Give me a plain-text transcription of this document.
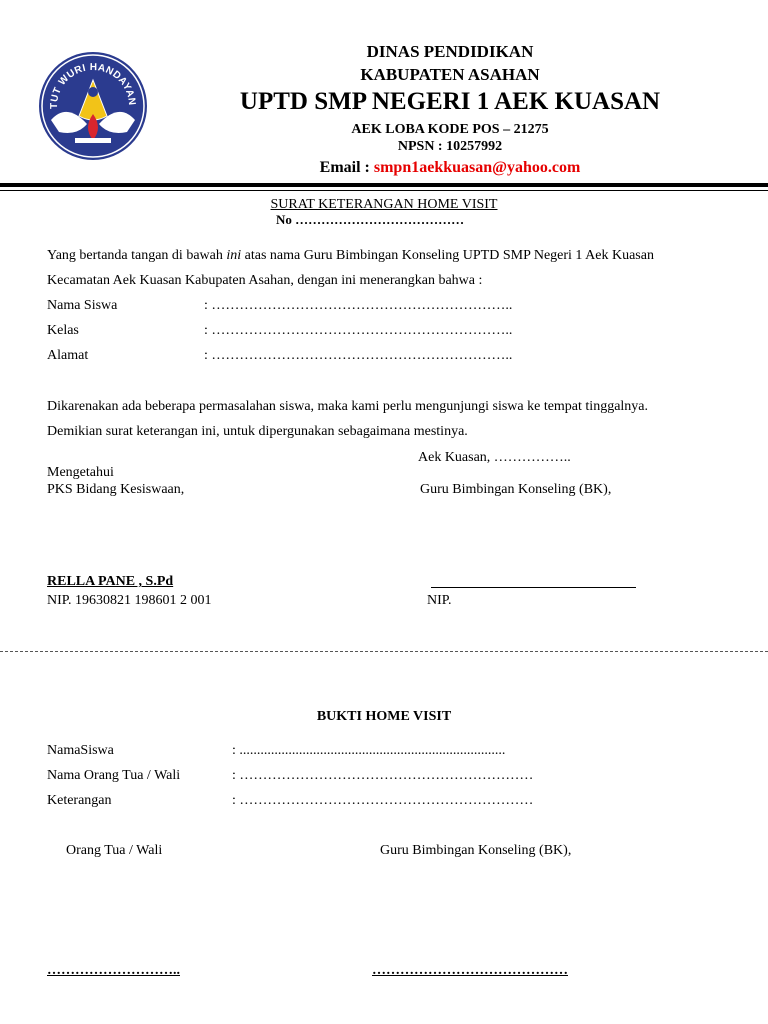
TUT WURI HANDAYAN
DINAS PENDIDIKAN
KABUPATEN ASAHAN
UPTD SMP NEGERI 1 AEK KUASAN
AEK LOBA KODE POS – 21275
NPSN : 10257992
Email : smpn1aekkuasan@yahoo.com
SURAT KETERANGAN HOME VISIT
No …………………………………
Yang bertanda tangan di bawah ini atas nama Guru Bimbingan Konseling UPTD SMP Negeri 1 Aek Kuasan
Kecamatan Aek Kuasan Kabupaten Asahan, dengan ini menerangkan bahwa :
Nama Siswa	: ………………………………………………………..
Kelas	: ………………………………………………………..
Alamat	: ………………………………………………………..
Dikarenakan ada beberapa permasalahan siswa, maka kami perlu mengunjungi siswa ke tempat tinggalnya.
Demikian surat keterangan ini, untuk dipergunakan sebagaimana mestinya.
Aek Kuasan, ……………..
Mengetahui
PKS Bidang Kesiswaan,	Guru Bimbingan Konseling (BK),
RELLA PANE , S.Pd
NIP. 19630821 198601 2 001	NIP.
BUKTI HOME VISIT
NamaSiswa	: ............................................................................
Nama Orang Tua / Wali	: ………………………………………………………
Keterangan	: ………………………………………………………
Orang Tua / Wali	Guru Bimbingan Konseling (BK),
………………………..	……………………………………
